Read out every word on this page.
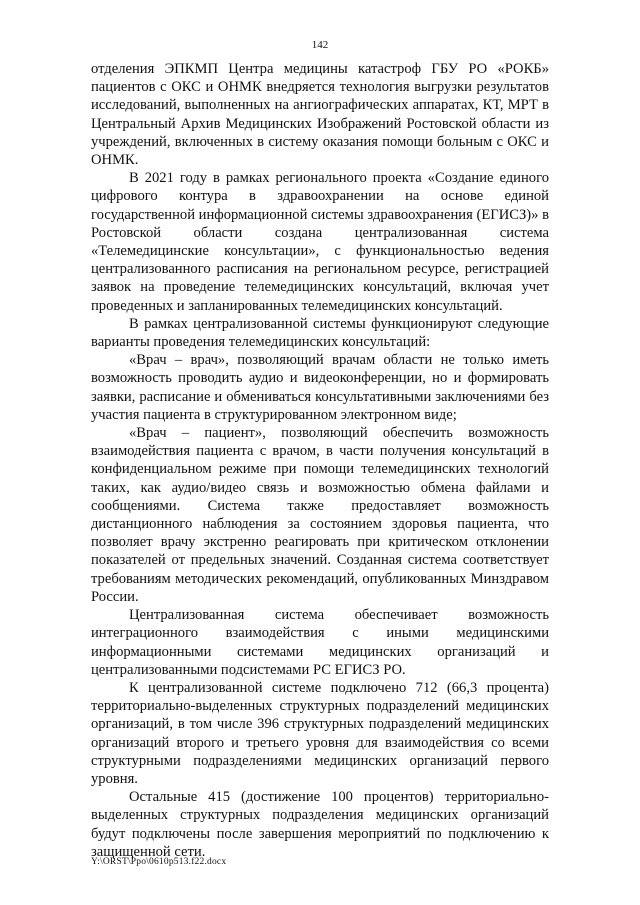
142

отделения ЭПКМП Центра медицины катастроф ГБУ РО «РОКБ» пациентов с ОКС и ОНМК внедряется технология выгрузки результатов исследований, выполненных на ангиографических аппаратах, КТ, МРТ в Центральный Архив Медицинских Изображений Ростовской области из учреждений, включенных в систему оказания помощи больным с ОКС и ОНМК.

В 2021 году в рамках регионального проекта «Создание единого цифрового контура в здравоохранении на основе единой государственной информационной системы здравоохранения (ЕГИСЗ)» в Ростовской области создана централизованная система «Телемедицинские консультации», с функциональностью ведения централизованного расписания на региональном ресурсе, регистрацией заявок на проведение телемедицинских консультаций, включая учет проведенных и запланированных телемедицинских консультаций.

В рамках централизованной системы функционируют следующие варианты проведения телемедицинских консультаций:

«Врач – врач», позволяющий врачам области не только иметь возможность проводить аудио и видеоконференции, но и формировать заявки, расписание и обмениваться консультативными заключениями без участия пациента в структурированном электронном виде;

«Врач – пациент», позволяющий обеспечить возможность взаимодействия пациента с врачом, в части получения консультаций в конфиденциальном режиме при помощи телемедицинских технологий таких, как аудио/видео связь и возможностью обмена файлами и сообщениями. Система также предоставляет возможность дистанционного наблюдения за состоянием здоровья пациента, что позволяет врачу экстренно реагировать при критическом отклонении показателей от предельных значений. Созданная система соответствует требованиям методических рекомендаций, опубликованных Минздравом России.

Централизованная система обеспечивает возможность интеграционного взаимодействия с иными медицинскими информационными системами медицинских организаций и централизованными подсистемами РС ЕГИСЗ РО.

К централизованной системе подключено 712 (66,3 процента) территориально-выделенных структурных подразделений медицинских организаций, в том числе 396 структурных подразделений медицинских организаций второго и третьего уровня для взаимодействия со всеми структурными подразделениями медицинских организаций первого уровня.

Остальные 415 (достижение 100 процентов) территориально-выделенных структурных подразделения медицинских организаций будут подключены после завершения мероприятий по подключению к защищенной сети.

Y:\ORST\Ppo\0610p513.f22.docx
